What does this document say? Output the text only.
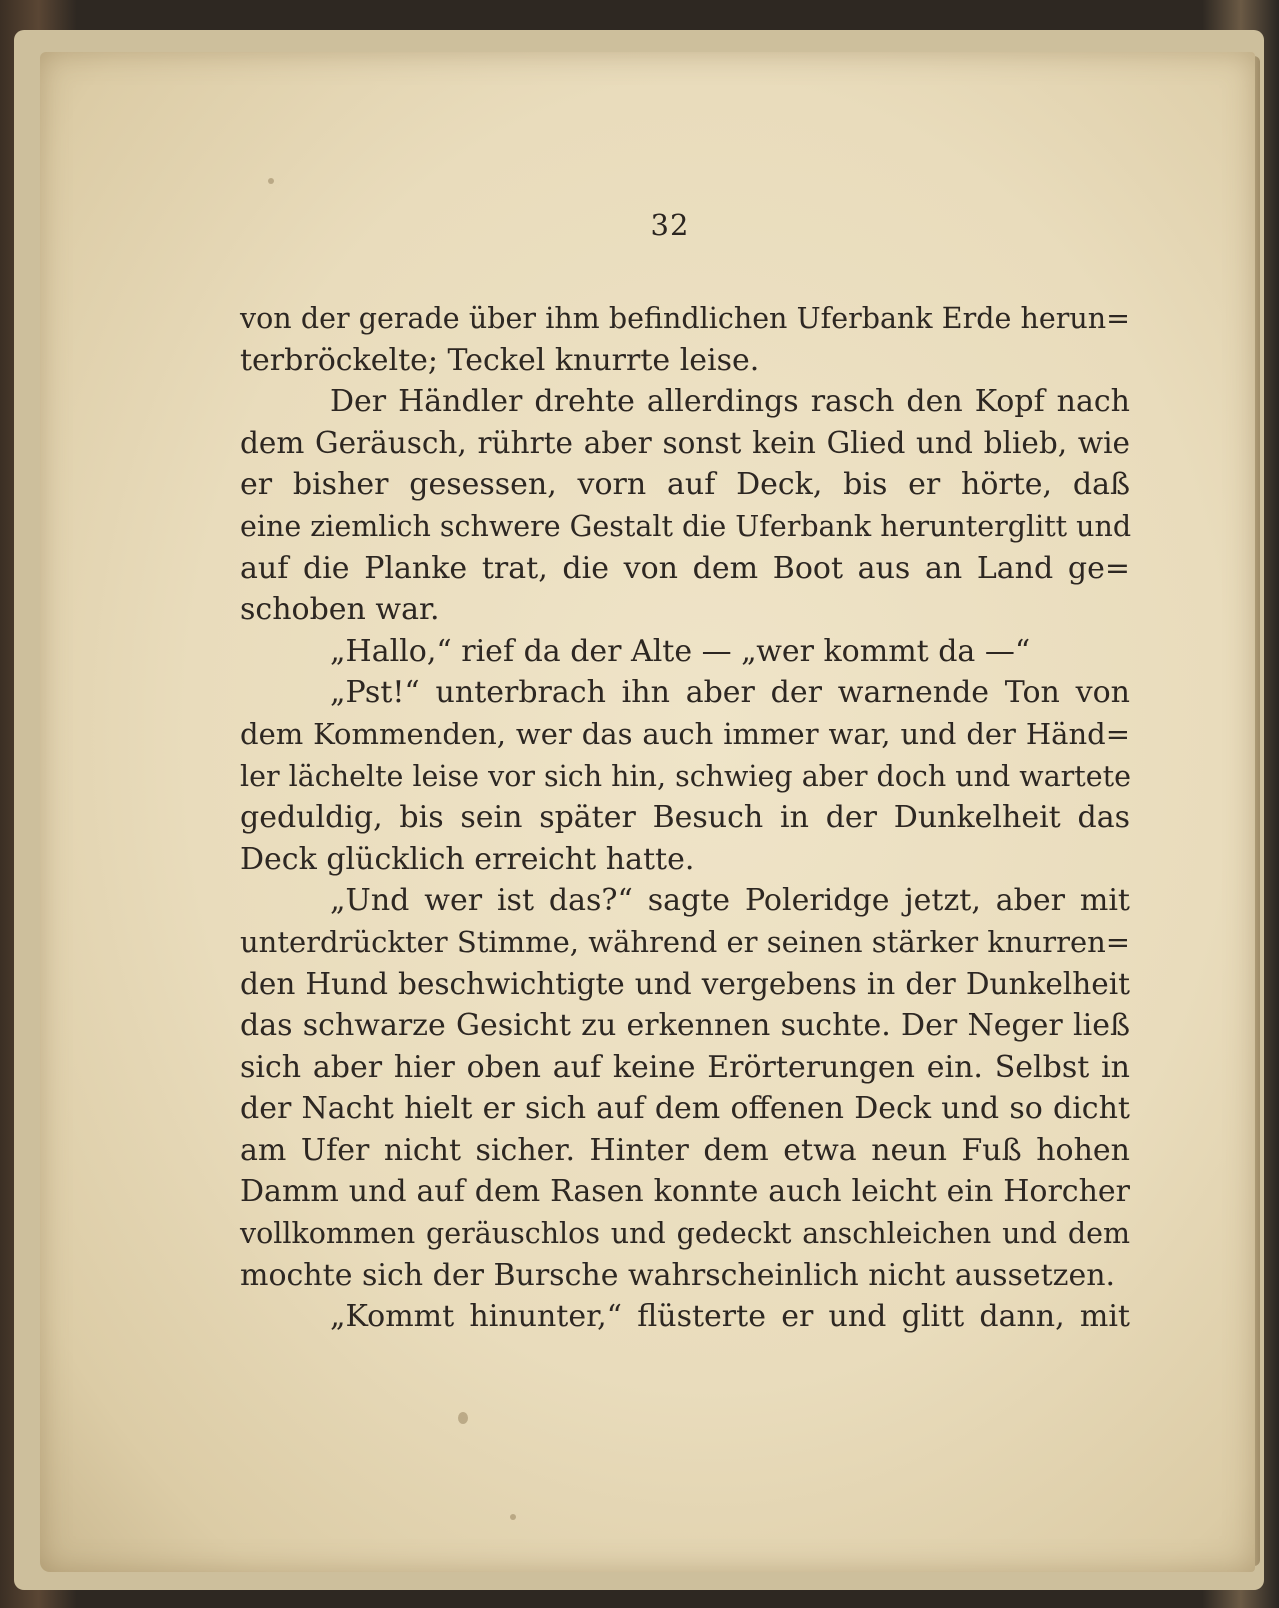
32
von der gerade über ihm befindlichen Uferbank Erde herun=
terbröckelte; Teckel knurrte leise.
Der Händler drehte allerdings rasch den Kopf nach
dem Geräusch, rührte aber sonst kein Glied und blieb, wie
er bisher gesessen, vorn auf Deck, bis er hörte, daß
eine ziemlich schwere Gestalt die Uferbank herunterglitt und
auf die Planke trat, die von dem Boot aus an Land ge=
schoben war.
„Hallo,“ rief da der Alte — „wer kommt da —“
„Pst!“ unterbrach ihn aber der warnende Ton von
dem Kommenden, wer das auch immer war, und der Händ=
ler lächelte leise vor sich hin, schwieg aber doch und wartete
geduldig, bis sein später Besuch in der Dunkelheit das
Deck glücklich erreicht hatte.
„Und wer ist das?“ sagte Poleridge jetzt, aber mit
unterdrückter Stimme, während er seinen stärker knurren=
den Hund beschwichtigte und vergebens in der Dunkelheit
das schwarze Gesicht zu erkennen suchte. Der Neger ließ
sich aber hier oben auf keine Erörterungen ein. Selbst in
der Nacht hielt er sich auf dem offenen Deck und so dicht
am Ufer nicht sicher. Hinter dem etwa neun Fuß hohen
Damm und auf dem Rasen konnte auch leicht ein Horcher
vollkommen geräuschlos und gedeckt anschleichen und dem
mochte sich der Bursche wahrscheinlich nicht aussetzen.
„Kommt hinunter,“ flüsterte er und glitt dann, mit
